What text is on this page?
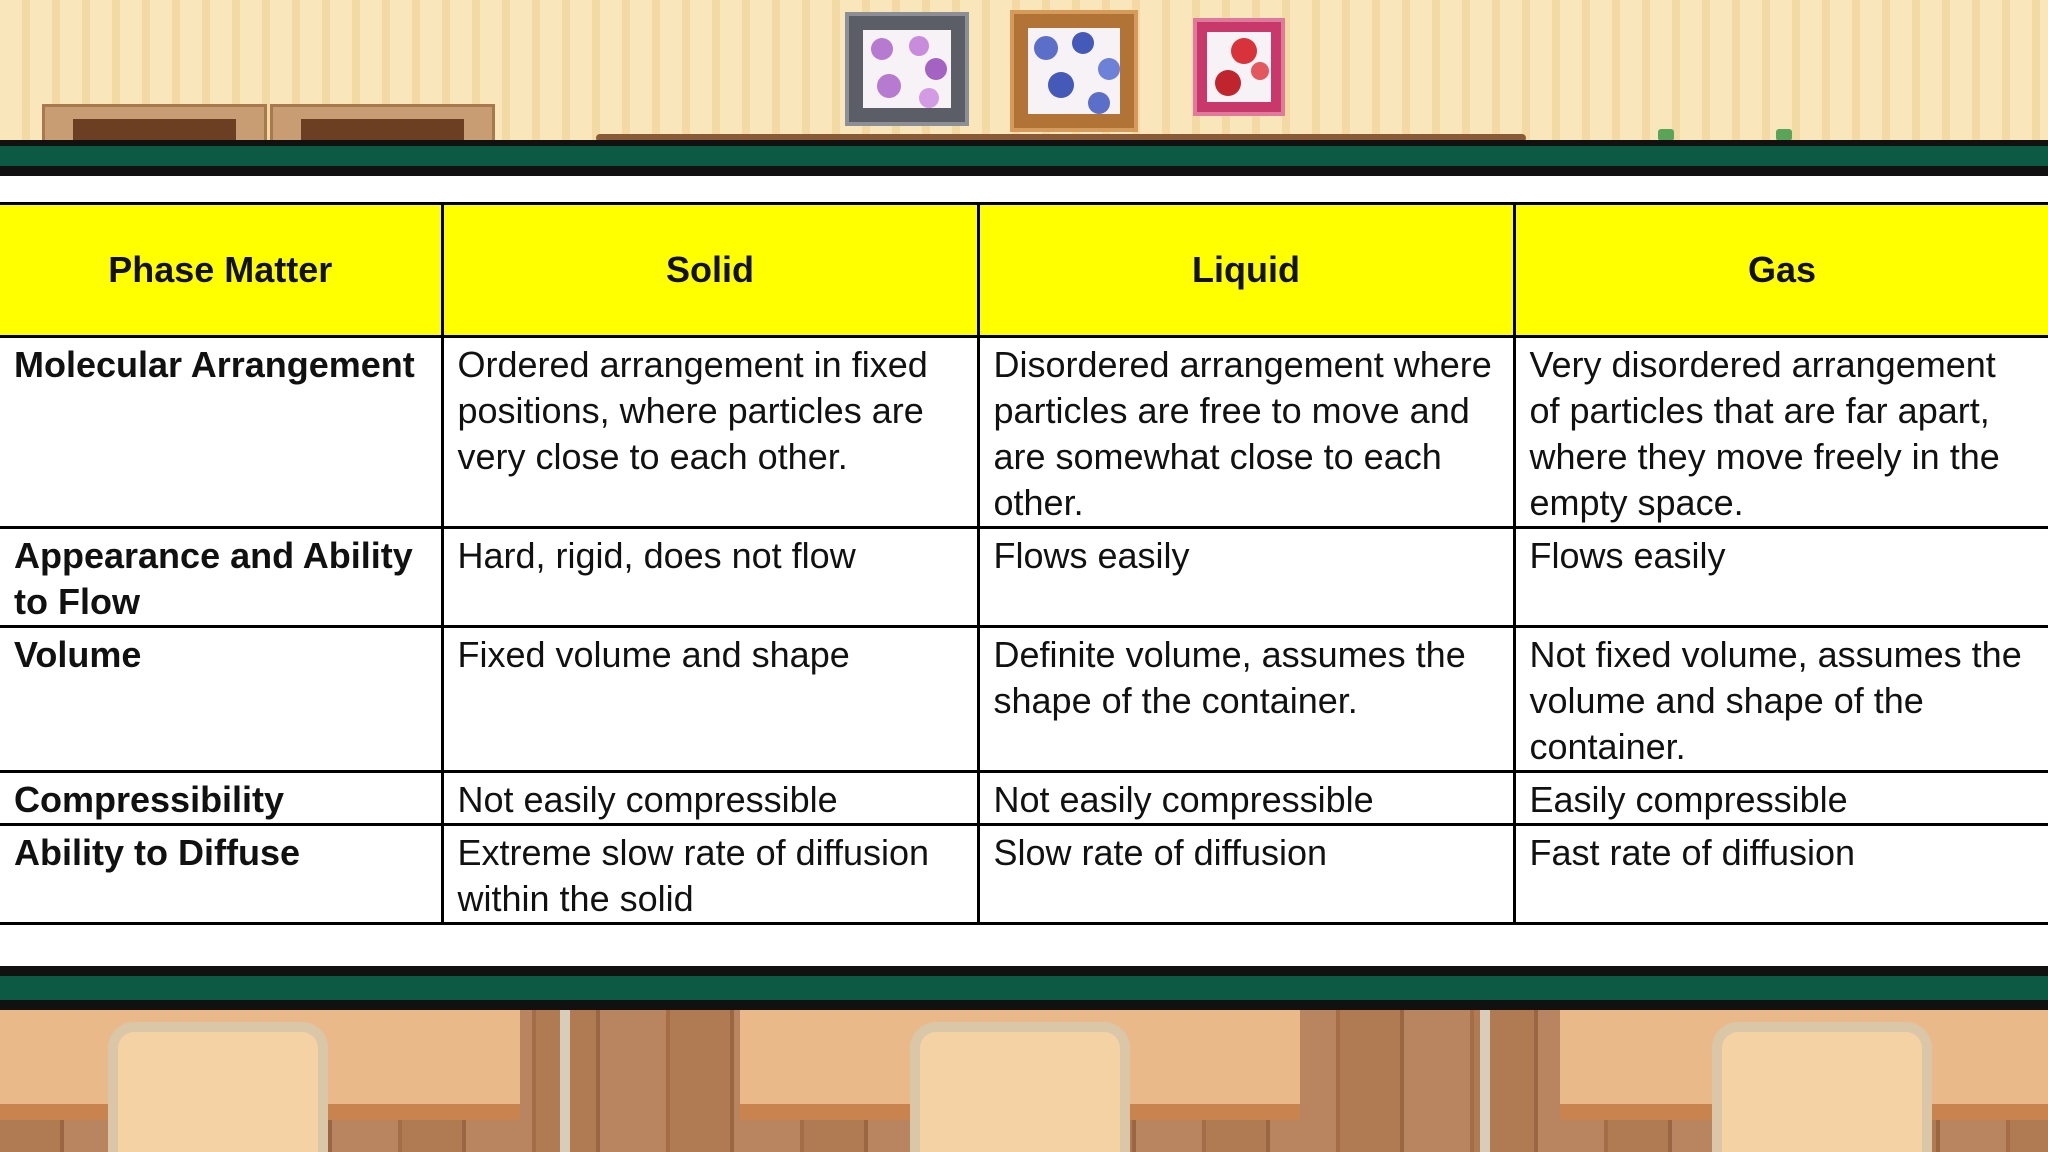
Phase Matter	Solid	Liquid	Gas
Molecular Arrangement	Ordered arrangement in fixed positions, where particles are very close to each other.	Disordered arrangement where particles are free to move and are somewhat close to each other.	Very disordered arrangement of particles that are far apart, where they move freely in the empty space.
Appearance and Ability to Flow	Hard, rigid, does not flow	Flows easily	Flows easily
Volume	Fixed volume and shape	Definite volume, assumes the shape of the container.	Not fixed volume, assumes the volume and shape of the container.
Compressibility	Not easily compressible	Not easily compressible	Easily compressible
Ability to Diffuse	Extreme slow rate of diffusion within the solid	Slow rate of diffusion	Fast rate of diffusion
